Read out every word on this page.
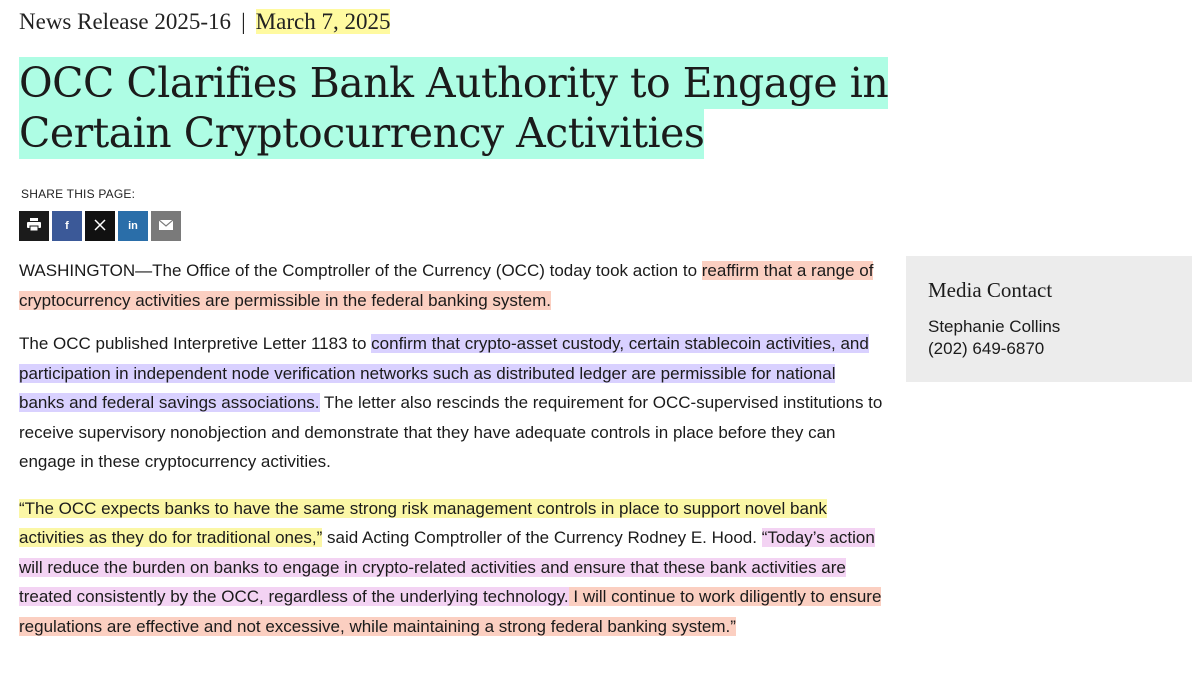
News Release 2025-16 | March 7, 2025
OCC Clarifies Bank Authority to Engage in Certain Cryptocurrency Activities
SHARE THIS PAGE:
f	in

WASHINGTON—The Office of the Comptroller of the Currency (OCC) today took action to reaffirm that a range of cryptocurrency activities are permissible in the federal banking system.

The OCC published Interpretive Letter 1183 to confirm that crypto-asset custody, certain stablecoin activities, and participation in independent node verification networks such as distributed ledger are permissible for national banks and federal savings associations. The letter also rescinds the requirement for OCC-supervised institutions to receive supervisory nonobjection and demonstrate that they have adequate controls in place before they can engage in these cryptocurrency activities.

“The OCC expects banks to have the same strong risk management controls in place to support novel bank activities as they do for traditional ones,” said Acting Comptroller of the Currency Rodney E. Hood. “Today’s action will reduce the burden on banks to engage in crypto-related activities and ensure that these bank activities are treated consistently by the OCC, regardless of the underlying technology. I will continue to work diligently to ensure regulations are effective and not excessive, while maintaining a strong federal banking system.”

Media Contact
Stephanie Collins
(202) 649-6870
